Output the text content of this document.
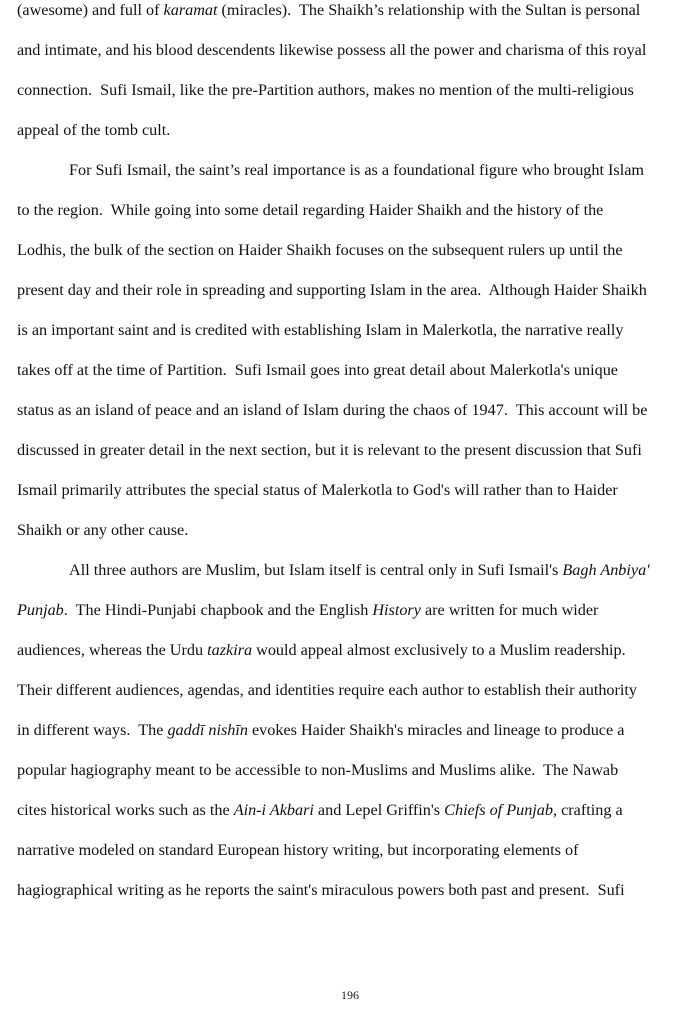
(awesome) and full of karamat (miracles).  The Shaikh’s relationship with the Sultan is personal
and intimate, and his blood descendents likewise possess all the power and charisma of this royal
connection.  Sufi Ismail, like the pre-Partition authors, makes no mention of the multi-religious
appeal of the tomb cult.
For Sufi Ismail, the saint’s real importance is as a foundational figure who brought Islam
to the region.  While going into some detail regarding Haider Shaikh and the history of the
Lodhis, the bulk of the section on Haider Shaikh focuses on the subsequent rulers up until the
present day and their role in spreading and supporting Islam in the area.  Although Haider Shaikh
is an important saint and is credited with establishing Islam in Malerkotla, the narrative really
takes off at the time of Partition.  Sufi Ismail goes into great detail about Malerkotla's unique
status as an island of peace and an island of Islam during the chaos of 1947.  This account will be
discussed in greater detail in the next section, but it is relevant to the present discussion that Sufi
Ismail primarily attributes the special status of Malerkotla to God's will rather than to Haider
Shaikh or any other cause.
All three authors are Muslim, but Islam itself is central only in Sufi Ismail's Bagh Anbiya'
Punjab.  The Hindi-Punjabi chapbook and the English History are written for much wider
audiences, whereas the Urdu tazkira would appeal almost exclusively to a Muslim readership.
Their different audiences, agendas, and identities require each author to establish their authority
in different ways.  The gaddī nishīn evokes Haider Shaikh's miracles and lineage to produce a
popular hagiography meant to be accessible to non-Muslims and Muslims alike.  The Nawab
cites historical works such as the Ain-i Akbari and Lepel Griffin's Chiefs of Punjab, crafting a
narrative modeled on standard European history writing, but incorporating elements of
hagiographical writing as he reports the saint's miraculous powers both past and present.  Sufi
196
